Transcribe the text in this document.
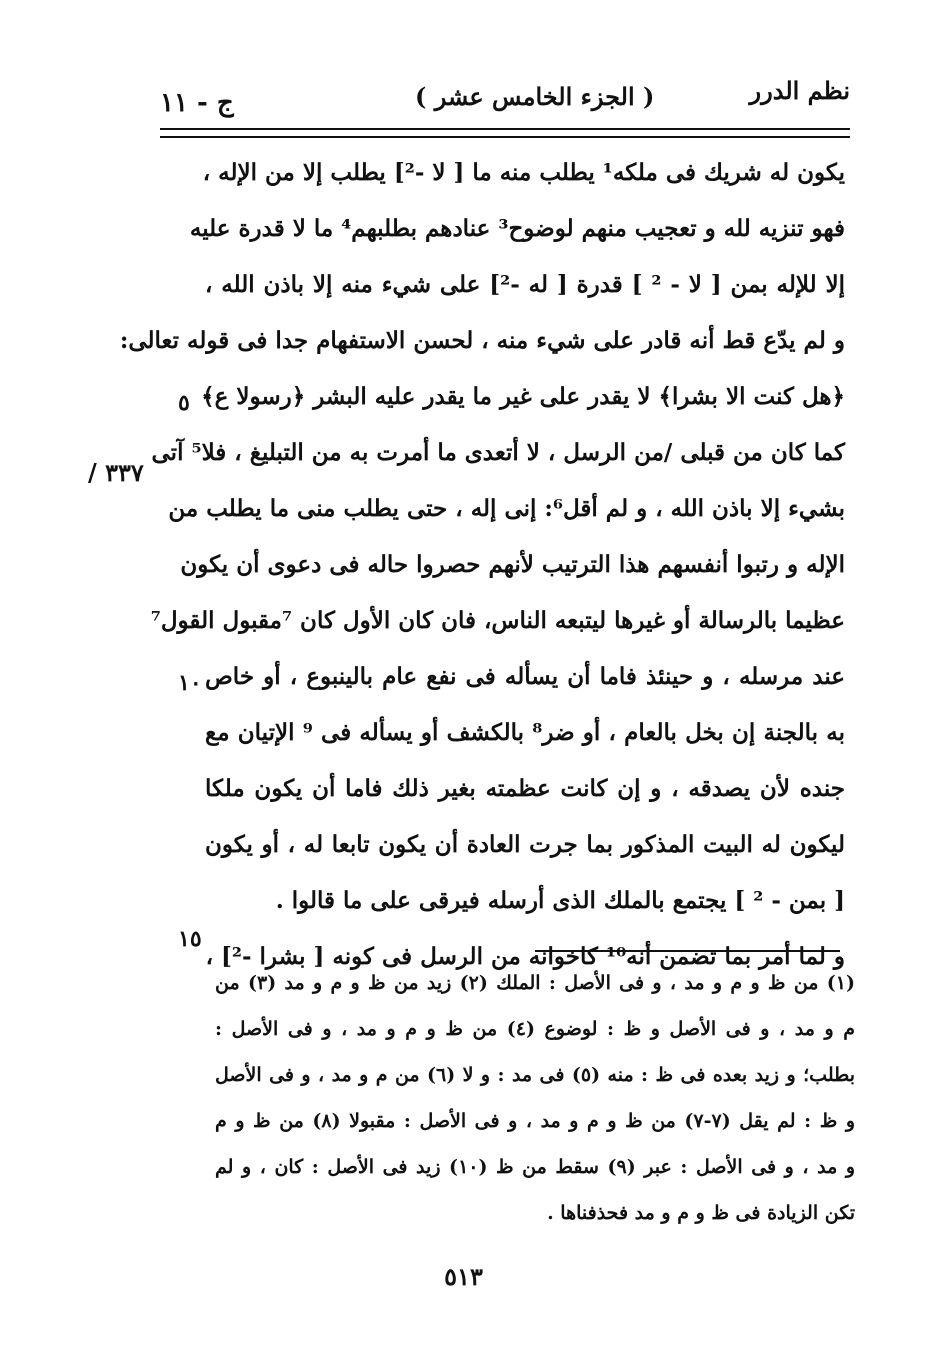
نظم الدرر
( الجزء الخامس عشر )
ج - ١١
يكون له شريك فى ملكه¹ يطلب منه ما [ لا -²] يطلب إلا من الإله ،
فهو تنزيه لله و تعجيب منهم لوضوح³ عنادهم بطلبهم⁴ ما لا قدرة عليه
إلا للإله بمن [ لا - ² ] قدرة [ له -²] على شيء منه إلا باذن الله ،
و لم يدّع قط أنه قادر على شيء منه ، لحسن الاستفهام جدا فى قوله تعالى:
﴿هل كنت الا بشرا﴾ لا يقدر على غير ما يقدر عليه البشر ﴿رسولا ع﴾
كما كان من قبلى /من الرسل ، لا أتعدى ما أمرت به من التبليغ ، فلا⁵ آتى
بشيء إلا باذن الله ، و لم أقل⁶: إنى إله ، حتى يطلب منى ما يطلب من
الإله و رتبوا أنفسهم هذا الترتيب لأنهم حصروا حاله فى دعوى أن يكون
عظيما بالرسالة أو غيرها ليتبعه الناس، فان كان الأول كان ⁷مقبول القول⁷
عند مرسله ، و حينئذ فاما أن يسأله فى نفع عام بالينبوع ، أو خاص
به بالجنة إن بخل بالعام ، أو ضر⁸ بالكشف أو يسأله فى ⁹ الإتيان مع
جنده لأن يصدقه ، و إن كانت عظمته بغير ذلك فاما أن يكون ملكا
ليكون له البيت المذكور بما جرت العادة أن يكون تابعا له ، أو يكون
[ بمن - ² ] يجتمع بالملك الذى أرسله فيرقى على ما قالوا .
و لما أمر بما تضمن أنه¹⁰ كاخوانه من الرسل فى كونه [ بشرا -²] ،
٥
١٠
١٥
٣٣٧ /
(١) من ظ و م و مد ، و فى الأصل : الملك (٢) زيد من ظ و م و مد (٣) من
م و مد ، و فى الأصل و ظ : لوضوع (٤) من ظ و م و مد ، و فى الأصل :
بطلب؛ و زيد بعده فى ظ : منه (٥) فى مد : و لا (٦) من م و مد ، و فى الأصل
و ظ : لم يقل (٧-٧) من ظ و م و مد ، و فى الأصل : مقبولا (٨) من ظ و م
و مد ، و فى الأصل : عبر (٩) سقط من ظ (١٠) زيد فى الأصل : كان ، و لم
تكن الزيادة فى ظ و م و مد فحذفناها .
٥١٣
